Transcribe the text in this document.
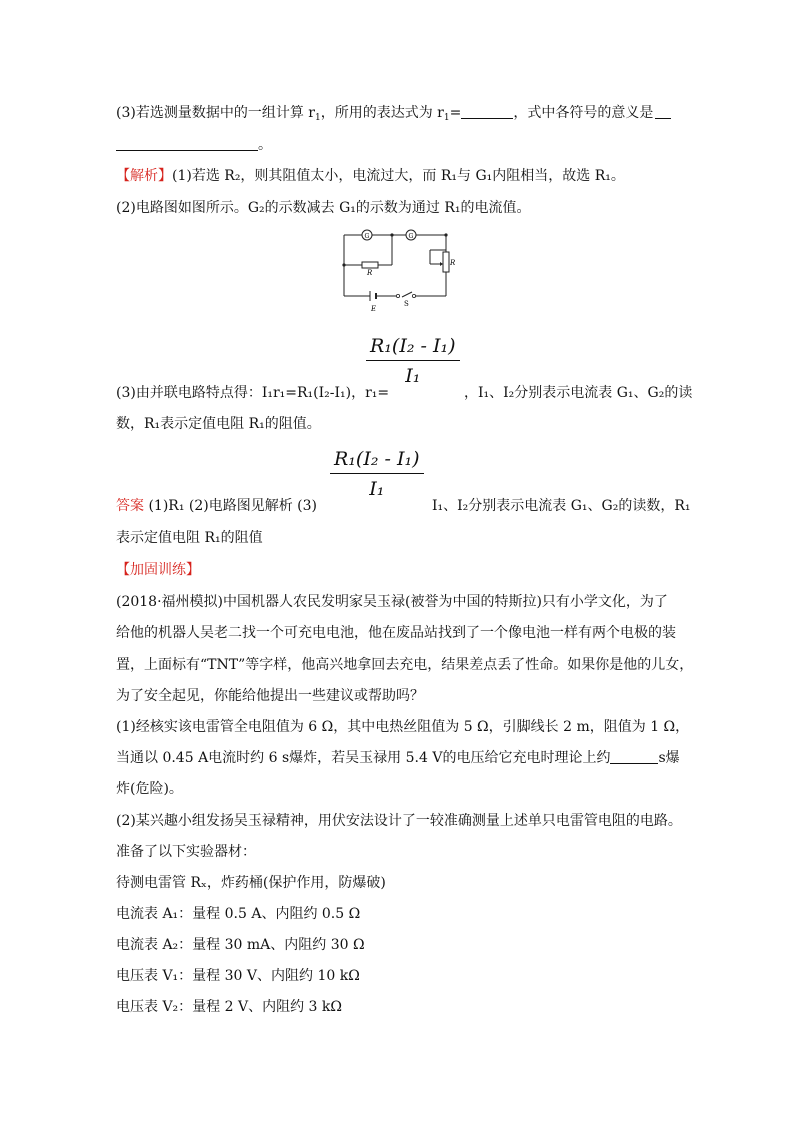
(3)若选测量数据中的一组计算 $r_1$，所用的表达式为 $r_1=$	，式中各符号的意义是
。
【解析】(1)若选 R₂，则其阻值太小，电流过大，而 R₁与 G₁内阻相当，故选 R₁。
(2)电路图如图所示。G₂的示数减去 G₁的示数为通过 R₁的电流值。
G	G
R
R
E
S
$\frac{\text{R₁(I₂ - I₁)}}{\text{I₁}}$
(3)由并联电路特点得：I₁r₁=R₁(I₂-I₁)，r₁=	，I₁、I₂分别表示电流表 G₁、G₂的读
数，R₁表示定值电阻 R₁的阻值。
$\frac{\text{R₁(I₂ - I₁)}}{\text{I₁}}$
答案 (1)R₁ (2)电路图见解析 (3)	I₁、I₂分别表示电流表 G₁、G₂的读数，R₁
表示定值电阻 R₁的阻值
【加固训练】
(2018·福州模拟)中国机器人农民发明家吴玉禄(被誉为中国的特斯拉)只有小学文化，为了
给他的机器人吴老二找一个可充电电池，他在废品站找到了一个像电池一样有两个电极的装
置，上面标有“TNT”等字样，他高兴地拿回去充电，结果差点丢了性命。如果你是他的儿女，
为了安全起见，你能给他提出一些建议或帮助吗？
(1)经核实该电雷管全电阻值为 6 Ω，其中电热丝阻值为 5 Ω，引脚线长 2 m，阻值为 1 Ω，
当通以 0.45 A电流时约 6 s爆炸，若吴玉禄用 5.4 V的电压给它充电时理论上约	s爆
炸(危险)。
(2)某兴趣小组发扬吴玉禄精神，用伏安法设计了一较准确测量上述单只电雷管电阻的电路。
准备了以下实验器材：
待测电雷管 Rₓ，炸药桶(保护作用，防爆破)
电流表 A₁：量程 0.5 A、内阻约 0.5 Ω
电流表 A₂：量程 30 mA、内阻约 30 Ω
电压表 V₁：量程 30 V、内阻约 10 kΩ
电压表 V₂：量程 2 V、内阻约 3 kΩ
